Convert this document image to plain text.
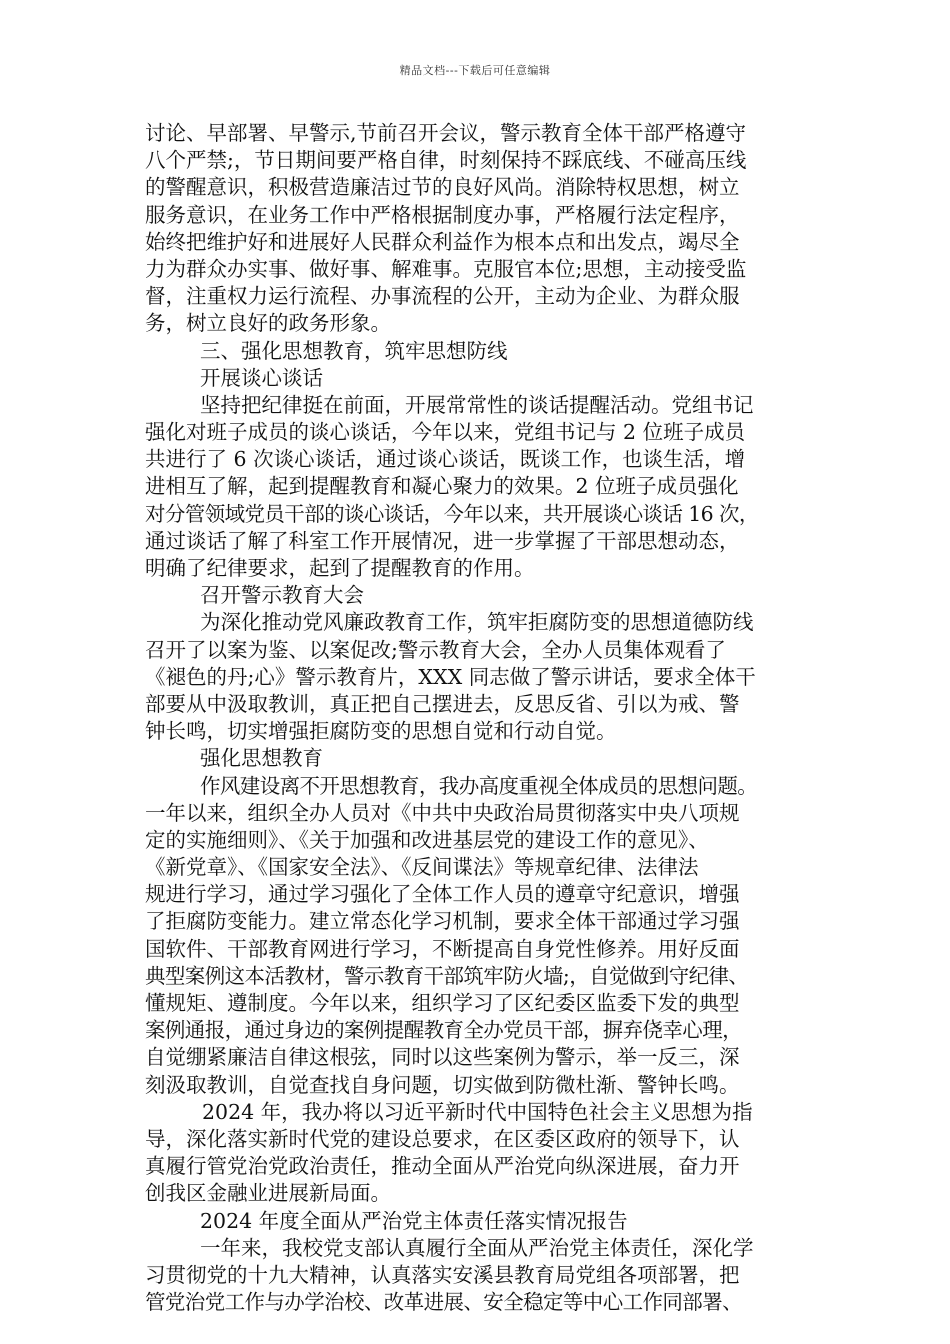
精品文档---下载后可任意编辑
讨论、早部署、早警示,节前召开会议，警示教育全体干部严格遵守
八个严禁;，节日期间要严格自律，时刻保持不踩底线、不碰高压线
的警醒意识，积极营造廉洁过节的良好风尚。消除特权思想，树立
服务意识，在业务工作中严格根据制度办事，严格履行法定程序，
始终把维护好和进展好人民群众利益作为根本点和出发点，竭尽全
力为群众办实事、做好事、解难事。克服官本位;思想，主动接受监
督，注重权力运行流程、办事流程的公开，主动为企业、为群众服
务，树立良好的政务形象。
三、强化思想教育，筑牢思想防线
开展谈心谈话
坚持把纪律挺在前面，开展常常性的谈话提醒活动。党组书记
强化对班子成员的谈心谈话，今年以来，党组书记与 2 位班子成员
共进行了 6 次谈心谈话，通过谈心谈话，既谈工作，也谈生活，增
进相互了解，起到提醒教育和凝心聚力的效果。2 位班子成员强化
对分管领域党员干部的谈心谈话，今年以来，共开展谈心谈话 16 次，
通过谈话了解了科室工作开展情况，进一步掌握了干部思想动态，
明确了纪律要求，起到了提醒教育的作用。
召开警示教育大会
为深化推动党风廉政教育工作，筑牢拒腐防变的思想道德防线
召开了以案为鉴、以案促改;警示教育大会，全办人员集体观看了
《褪色的丹;心》警示教育片，XXX 同志做了警示讲话，要求全体干
部要从中汲取教训，真正把自己摆进去，反思反省、引以为戒、警
钟长鸣，切实增强拒腐防变的思想自觉和行动自觉。
强化思想教育
作风建设离不开思想教育，我办高度重视全体成员的思想问题。
一年以来，组织全办人员对《中共中央政治局贯彻落实中央八项规
定的实施细则》、《关于加强和改进基层党的建设工作的意见》、
《新党章》、《国家安全法》、《反间谍法》等规章纪律、法律法
规进行学习，通过学习强化了全体工作人员的遵章守纪意识，增强
了拒腐防变能力。建立常态化学习机制，要求全体干部通过学习强
国软件、干部教育网进行学习，不断提高自身党性修养。用好反面
典型案例这本活教材，警示教育干部筑牢防火墙;，自觉做到守纪律、
懂规矩、遵制度。今年以来，组织学习了区纪委区监委下发的典型
案例通报，通过身边的案例提醒教育全办党员干部，摒弃侥幸心理，
自觉绷紧廉洁自律这根弦，同时以这些案例为警示，举一反三，深
刻汲取教训，自觉查找自身问题，切实做到防微杜渐、警钟长鸣。
2024 年，我办将以习近平新时代中国特色社会主义思想为指
导，深化落实新时代党的建设总要求，在区委区政府的领导下，认
真履行管党治党政治责任，推动全面从严治党向纵深进展，奋力开
创我区金融业进展新局面。
2024 年度全面从严治党主体责任落实情况报告
一年来，我校党支部认真履行全面从严治党主体责任，深化学
习贯彻党的十九大精神，认真落实安溪县教育局党组各项部署，把
管党治党工作与办学治校、改革进展、安全稳定等中心工作同部署、
